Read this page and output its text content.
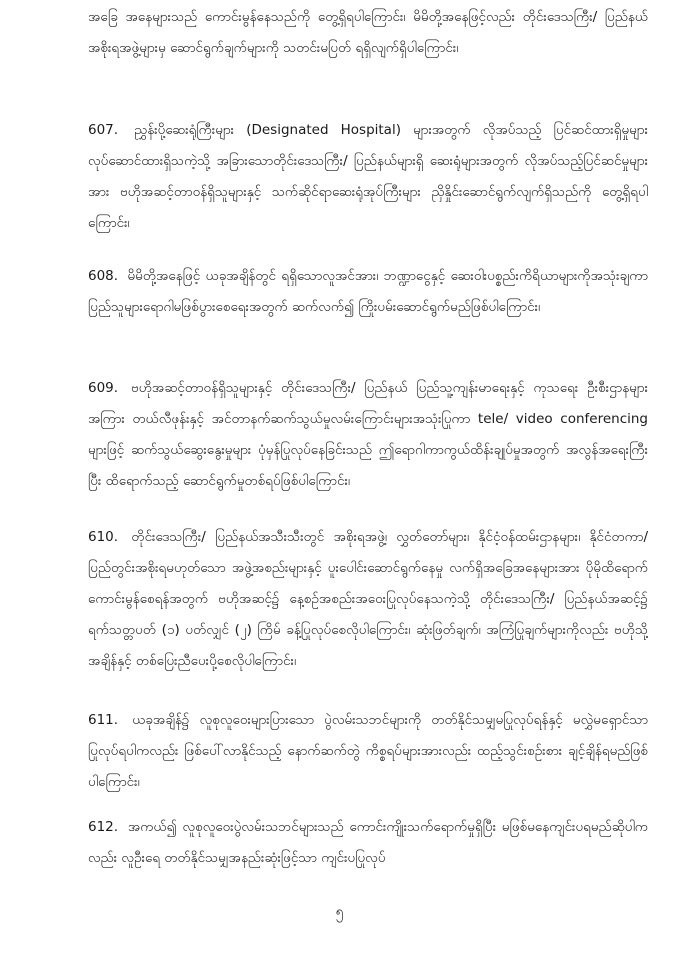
အခြေ အနေများသည် ကောင်းမွန်နေသည်ကို တွေ့ရှိရပါကြောင်း၊ မိမိတို့အနေဖြင့်လည်း တိုင်းဒေသကြီး/ ပြည်နယ်အစိုးရအဖွဲ့များမှ ဆောင်ရွက်ချက်များကို သတင်းမပြတ် ရရှိလျက်ရှိပါကြောင်း၊

607. ညွှန်းပို့ဆေးရုံကြီးများ (Designated Hospital) များအတွက် လိုအပ်သည့် ပြင်ဆင်ထားရှိမှုများ လုပ်ဆောင်ထားရှိသကဲ့သို့ အခြားသောတိုင်းဒေသကြီး/ ပြည်နယ်များရှိ ဆေးရုံများအတွက် လိုအပ်သည့်ပြင်ဆင်မှုများအား ဗဟိုအဆင့်တာဝန်ရှိသူများနှင့် သက်ဆိုင်ရာဆေးရုံအုပ်ကြီးများ ညှိနှိုင်းဆောင်ရွက်လျက်ရှိသည်ကို တွေ့ရှိရပါကြောင်း၊

608. မိမိတို့အနေဖြင့် ယခုအချိန်တွင် ရရှိသောလူအင်အား၊ ဘဏ္ဍာငွေနှင့် ဆေးဝါးပစ္စည်းကိရိယာများကိုအသုံးချကာ ပြည်သူများရောဂါမဖြစ်ပွားစေရေးအတွက် ဆက်လက်၍ ကြိုးပမ်းဆောင်ရွက်မည်ဖြစ်ပါကြောင်း၊

609. ဗဟိုအဆင့်တာဝန်ရှိသူများနှင့် တိုင်းဒေသကြီး/ ပြည်နယ် ပြည်သူ့ကျန်းမာရေးနှင့် ကုသရေး ဦးစီးဌာနများအကြား တယ်လီဖုန်းနှင့် အင်တာနက်ဆက်သွယ်မှုလမ်းကြောင်းများအသုံးပြုကာ tele/ video conferencing များဖြင့် ဆက်သွယ်ဆွေးနွေးမှုများ ပုံမှန်ပြုလုပ်နေခြင်းသည် ဤရောဂါကာကွယ်ထိန်းချုပ်မှုအတွက် အလွန်အရေးကြီးပြီး ထိရောက်သည့် ဆောင်ရွက်မှုတစ်ရပ်ဖြစ်ပါကြောင်း၊

610. တိုင်းဒေသကြီး/ ပြည်နယ်အသီးသီးတွင် အစိုးရအဖွဲ့၊ လွှတ်တော်များ၊ နိုင်ငံ့ဝန်ထမ်းဌာနများ၊ နိုင်ငံတကာ/ ပြည်တွင်းအစိုးရမဟုတ်သော အဖွဲ့အစည်းများနှင့် ပူးပေါင်းဆောင်ရွက်နေမှု လက်ရှိအခြေအနေများအား ပိုမိုထိရောက်ကောင်းမွန်စေရန်အတွက် ဗဟိုအဆင့်၌ နေ့စဉ်အစည်းအဝေးပြုလုပ်နေသကဲ့သို့ တိုင်းဒေသကြီး/ ပြည်နယ်အဆင့်၌ ရက်သတ္တပတ် (၁) ပတ်လျှင် (၂) ကြိမ် ခန့်ပြုလုပ်စေလိုပါကြောင်း၊ ဆုံးဖြတ်ချက်၊ အကြံပြုချက်များကိုလည်း ဗဟိုသို့ အချိန်နှင့် တစ်ပြေးညီပေးပို့စေလိုပါကြောင်း၊

611. ယခုအချိန်၌ လူစုလူဝေးများပြားသော ပွဲလမ်းသဘင်များကို တတ်နိုင်သမျှမပြုလုပ်ရန်နှင့် မလွှဲမရှောင်သာပြုလုပ်ရပါကလည်း ဖြစ်ပေါ်လာနိုင်သည့် နောက်ဆက်တွဲ ကိစ္စရပ်များအားလည်း ထည့်သွင်းစဉ်းစား ချင့်ချိန်ရမည်ဖြစ်ပါကြောင်း၊

612. အကယ်၍ လူစုလူဝေးပွဲလမ်းသဘင်များသည် ကောင်းကျိုးသက်ရောက်မှုရှိပြီး မဖြစ်မနေကျင်းပရမည်ဆိုပါကလည်း လူဦးရေ တတ်နိုင်သမျှအနည်းဆုံးဖြင့်သာ ကျင်းပပြုလုပ်

၅
